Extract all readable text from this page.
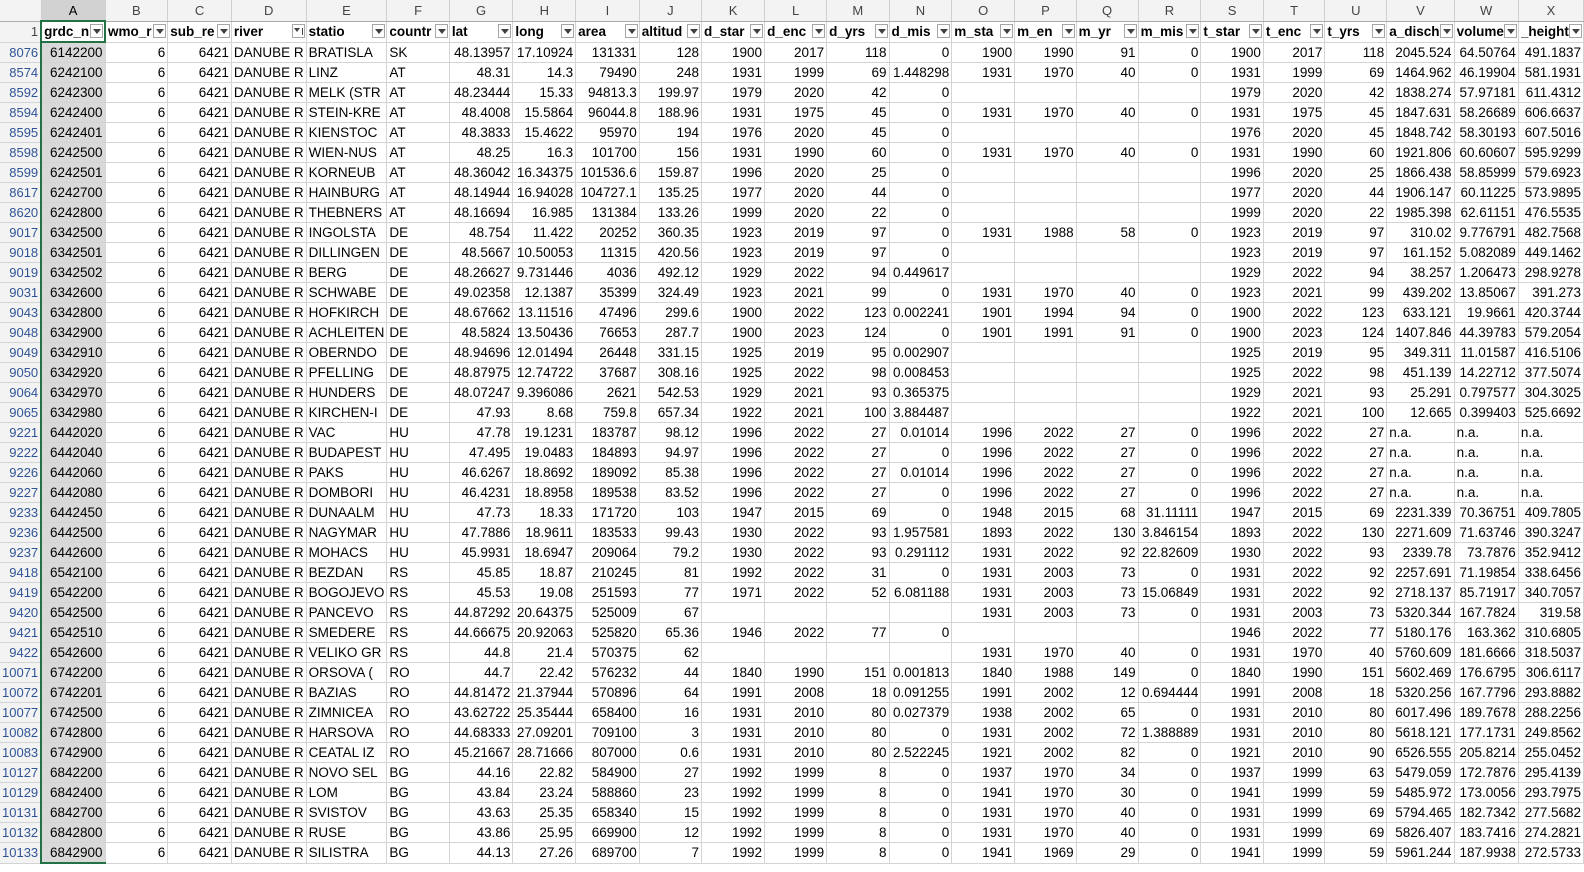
	A	B	C	D	E	F	G	H	I	J	K	L	M	N	O	P	Q	R	S	T	U	V	W	X
1	grdc_n	wmo_r	sub_re	river	statio	countr	lat	long	area	altitud	d_star	d_enc	d_yrs	d_mis	m_sta	m_en	m_yr	m_mis	t_star	t_enc	t_yrs	a_disch	volume	_height

8076	6142200	6	6421	DANUBE R	BRATISLA	SK	48.13957	17.10924	131331	128	1900	2017	118	0	1900	1990	91	0	1900	2017	118	2045.524	64.50764	491.1837
8574	6242100	6	6421	DANUBE R	LINZ	AT	48.31	14.3	79490	248	1931	1999	69	1.448298	1931	1970	40	0	1931	1999	69	1464.962	46.19904	581.1931
8592	6242300	6	6421	DANUBE R	MELK (STR	AT	48.23444	15.33	94813.3	199.97	1979	2020	42	0					1979	2020	42	1838.274	57.97181	611.4312
8594	6242400	6	6421	DANUBE R	STEIN-KRE	AT	48.4008	15.5864	96044.8	188.96	1931	1975	45	0	1931	1970	40	0	1931	1975	45	1847.631	58.26689	606.6637
8595	6242401	6	6421	DANUBE R	KIENSTOC	AT	48.3833	15.4622	95970	194	1976	2020	45	0					1976	2020	45	1848.742	58.30193	607.5016
8598	6242500	6	6421	DANUBE R	WIEN-NUS	AT	48.25	16.3	101700	156	1931	1990	60	0	1931	1970	40	0	1931	1990	60	1921.806	60.60607	595.9299
8599	6242501	6	6421	DANUBE R	KORNEUB	AT	48.36042	16.34375	101536.6	159.87	1996	2020	25	0					1996	2020	25	1866.438	58.85999	579.6923
8617	6242700	6	6421	DANUBE R	HAINBURG	AT	48.14944	16.94028	104727.1	135.25	1977	2020	44	0					1977	2020	44	1906.147	60.11225	573.9895
8620	6242800	6	6421	DANUBE R	THEBNERS	AT	48.16694	16.985	131384	133.26	1999	2020	22	0					1999	2020	22	1985.398	62.61151	476.5535
9017	6342500	6	6421	DANUBE R	INGOLSTA	DE	48.754	11.422	20252	360.35	1923	2019	97	0	1931	1988	58	0	1923	2019	97	310.02	9.776791	482.7568
9018	6342501	6	6421	DANUBE R	DILLINGEN	DE	48.5667	10.50053	11315	420.56	1923	2019	97	0					1923	2019	97	161.152	5.082089	449.1462
9019	6342502	6	6421	DANUBE R	BERG	DE	48.26627	9.731446	4036	492.12	1929	2022	94	0.449617					1929	2022	94	38.257	1.206473	298.9278
9031	6342600	6	6421	DANUBE R	SCHWABE	DE	49.02358	12.1387	35399	324.49	1923	2021	99	0	1931	1970	40	0	1923	2021	99	439.202	13.85067	391.273
9043	6342800	6	6421	DANUBE R	HOFKIRCH	DE	48.67662	13.11516	47496	299.6	1900	2022	123	0.002241	1901	1994	94	0	1900	2022	123	633.121	19.9661	420.3744
9048	6342900	6	6421	DANUBE R	ACHLEITEN	DE	48.5824	13.50436	76653	287.7	1900	2023	124	0	1901	1991	91	0	1900	2023	124	1407.846	44.39783	579.2054
9049	6342910	6	6421	DANUBE R	OBERNDO	DE	48.94696	12.01494	26448	331.15	1925	2019	95	0.002907					1925	2019	95	349.311	11.01587	416.5106
9050	6342920	6	6421	DANUBE R	PFELLING	DE	48.87975	12.74722	37687	308.16	1925	2022	98	0.008453					1925	2022	98	451.139	14.22712	377.5074
9064	6342970	6	6421	DANUBE R	HUNDERS	DE	48.07247	9.396086	2621	542.53	1929	2021	93	0.365375					1929	2021	93	25.291	0.797577	304.3025
9065	6342980	6	6421	DANUBE R	KIRCHEN-I	DE	47.93	8.68	759.8	657.34	1922	2021	100	3.884487					1922	2021	100	12.665	0.399403	525.6692
9221	6442020	6	6421	DANUBE R	VAC	HU	47.78	19.1231	183787	98.12	1996	2022	27	0.01014	1996	2022	27	0	1996	2022	27	n.a.	n.a.	n.a.
9222	6442040	6	6421	DANUBE R	BUDAPEST	HU	47.495	19.0483	184893	94.97	1996	2022	27	0	1996	2022	27	0	1996	2022	27	n.a.	n.a.	n.a.
9226	6442060	6	6421	DANUBE R	PAKS	HU	46.6267	18.8692	189092	85.38	1996	2022	27	0.01014	1996	2022	27	0	1996	2022	27	n.a.	n.a.	n.a.
9227	6442080	6	6421	DANUBE R	DOMBORI	HU	46.4231	18.8958	189538	83.52	1996	2022	27	0	1996	2022	27	0	1996	2022	27	n.a.	n.a.	n.a.
9233	6442450	6	6421	DANUBE R	DUNAALM	HU	47.73	18.33	171720	103	1947	2015	69	0	1948	2015	68	31.11111	1947	2015	69	2231.339	70.36751	409.7805
9236	6442500	6	6421	DANUBE R	NAGYMAR	HU	47.7886	18.9611	183533	99.43	1930	2022	93	1.957581	1893	2022	130	3.846154	1893	2022	130	2271.609	71.63746	390.3247
9237	6442600	6	6421	DANUBE R	MOHACS	HU	45.9931	18.6947	209064	79.2	1930	2022	93	0.291112	1931	2022	92	22.82609	1930	2022	93	2339.78	73.7876	352.9412
9418	6542100	6	6421	DANUBE R	BEZDAN	RS	45.85	18.87	210245	81	1992	2022	31	0	1931	2003	73	0	1931	2022	92	2257.691	71.19854	338.6456
9419	6542200	6	6421	DANUBE R	BOGOJEVO	RS	45.53	19.08	251593	77	1971	2022	52	6.081188	1931	2003	73	15.06849	1931	2022	92	2718.137	85.71917	340.7057
9420	6542500	6	6421	DANUBE R	PANCEVO	RS	44.87292	20.64375	525009	67					1931	2003	73	0	1931	2003	73	5320.344	167.7824	319.58
9421	6542510	6	6421	DANUBE R	SMEDERE	RS	44.66675	20.92063	525820	65.36	1946	2022	77	0					1946	2022	77	5180.176	163.362	310.6805
9422	6542600	6	6421	DANUBE R	VELIKO GR	RS	44.8	21.4	570375	62					1931	1970	40	0	1931	1970	40	5760.609	181.6666	318.5037
10071	6742200	6	6421	DANUBE R	ORSOVA (	RO	44.7	22.42	576232	44	1840	1990	151	0.001813	1840	1988	149	0	1840	1990	151	5602.469	176.6795	306.6117
10072	6742201	6	6421	DANUBE R	BAZIAS	RO	44.81472	21.37944	570896	64	1991	2008	18	0.091255	1991	2002	12	0.694444	1991	2008	18	5320.256	167.7796	293.8882
10077	6742500	6	6421	DANUBE R	ZIMNICEA	RO	43.62722	25.35444	658400	16	1931	2010	80	0.027379	1938	2002	65	0	1931	2010	80	6017.496	189.7678	288.2256
10082	6742800	6	6421	DANUBE R	HARSOVA	RO	44.68333	27.09201	709100	3	1931	2010	80	0	1931	2002	72	1.388889	1931	2010	80	5618.121	177.1731	249.8562
10083	6742900	6	6421	DANUBE R	CEATAL IZ	RO	45.21667	28.71666	807000	0.6	1931	2010	80	2.522245	1921	2002	82	0	1921	2010	90	6526.555	205.8214	255.0452
10127	6842200	6	6421	DANUBE R	NOVO SEL	BG	44.16	22.82	584900	27	1992	1999	8	0	1937	1970	34	0	1937	1999	63	5479.059	172.7876	295.4139
10129	6842400	6	6421	DANUBE R	LOM	BG	43.84	23.24	588860	23	1992	1999	8	0	1941	1970	30	0	1941	1999	59	5485.972	173.0056	293.7975
10131	6842700	6	6421	DANUBE R	SVISTOV	BG	43.63	25.35	658340	15	1992	1999	8	0	1931	1970	40	0	1931	1999	69	5794.465	182.7342	277.5682
10132	6842800	6	6421	DANUBE R	RUSE	BG	43.86	25.95	669900	12	1992	1999	8	0	1931	1970	40	0	1931	1999	69	5826.407	183.7416	274.2821
10133	6842900	6	6421	DANUBE R	SILISTRA	BG	44.13	27.26	689700	7	1992	1999	8	0	1941	1969	29	0	1941	1999	59	5961.244	187.9938	272.5733
